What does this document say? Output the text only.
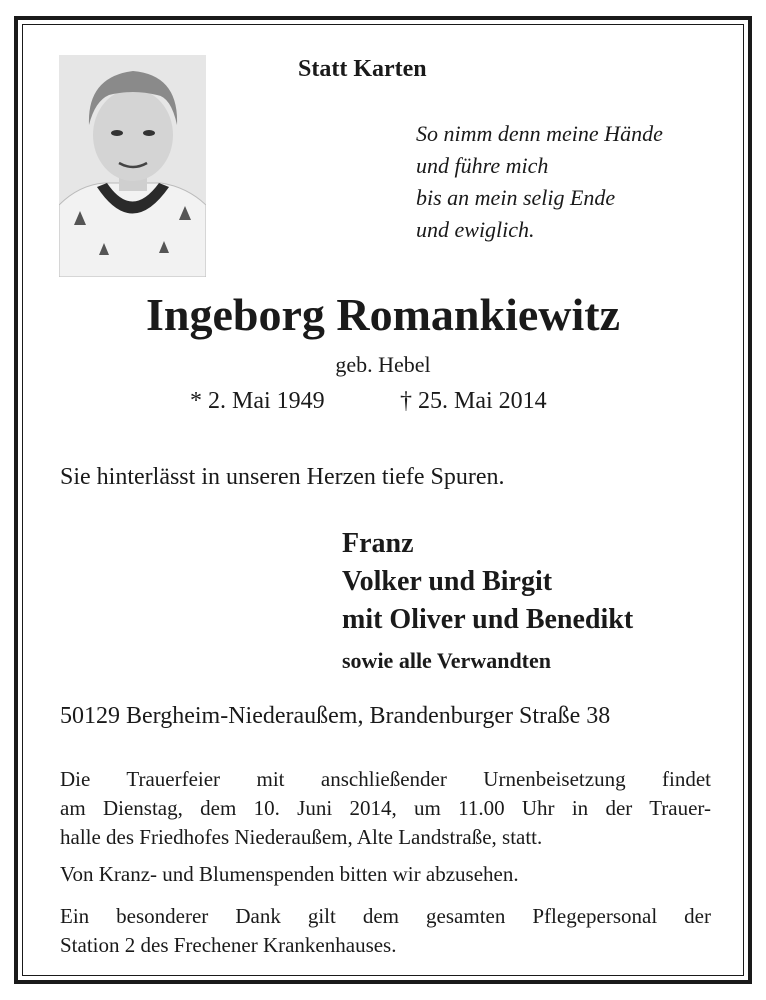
Statt Karten

So nimm denn meine Hände
und führe mich
bis an mein selig Ende
und ewiglich.

Ingeborg Romankiewitz

geb. Hebel

* 2. Mai 1949	† 25. Mai 2014

Sie hinterlässt in unseren Herzen tiefe Spuren.

Franz

Volker und Birgit

mit Oliver und Benedikt

sowie alle Verwandten

50129 Bergheim-Niederaußem, Brandenburger Straße 38

Die Trauerfeier mit anschließender Urnenbeisetzung findet
am Dienstag, dem 10. Juni 2014, um 11.00 Uhr in der Trauer-
halle des Friedhofes Niederaußem, Alte Landstraße, statt.
Von Kranz- und Blumenspenden bitten wir abzusehen.
Ein besonderer Dank gilt dem gesamten Pflegepersonal der
Station 2 des Frechener Krankenhauses.
